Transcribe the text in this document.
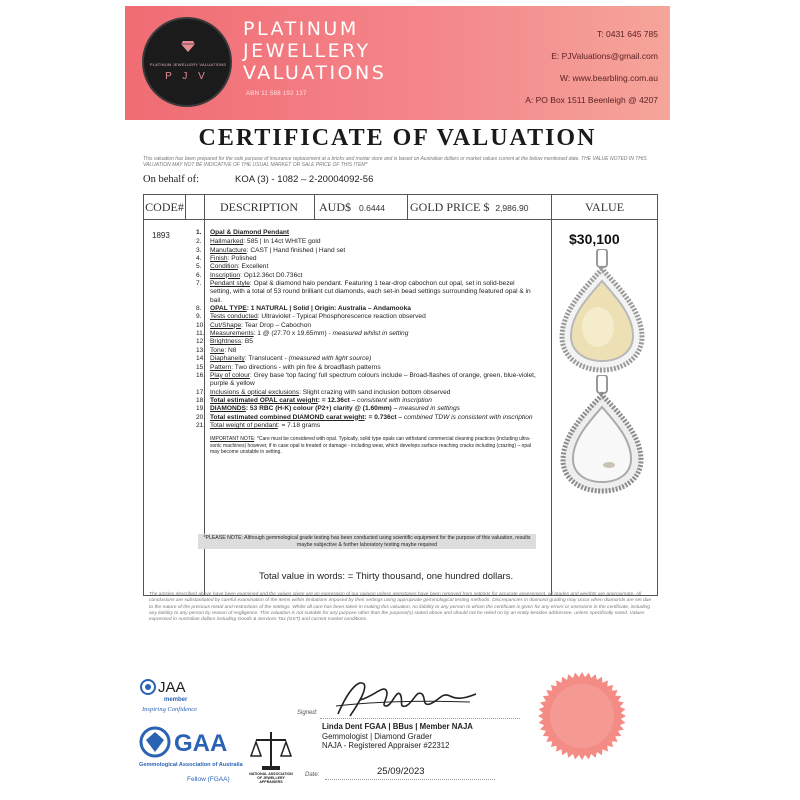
PLATINUM JEWELLERY VALUATIONS
P J V
PLATINUM
JEWELLERY
VALUATIONS
ABN 11 588 192 137
T: 0431 645 785
E: PJValuations@gmail.com
W: www.bearbling.com.au
A: PO Box 1511 Beenleigh @ 4207
CERTIFICATE OF VALUATION
This valuation has been prepared for the sole purpose of insurance replacement at a bricks and mortar store and is based on Australian dollars or market values current at the below mentioned date. THE VALUE NOTED IN THIS VALUATION MAY NOT BE INDICATIVE OF THE USUAL MARKET OR SALE PRICE OF THIS ITEM*
On behalf of:	KOA (3) - 1082 – 2-20004092-56
CODE#	DESCRIPTION	AUD$ 0.6444	GOLD PRICE $ 2,986.90	VALUE
1893	1. Opal & Diamond Pendant
2. Hallmarked: 585 | In 14ct WHITE gold
3. Manufacture: CAST | Hand finished | Hand set
4. Finish: Polished
5. Condition: Excellent
6. Inscription: Op12.36ct D0.736ct
7. Pendant style: Opal & diamond halo pendant. Featuring 1 tear-drop cabochon cut opal, set in solid-bezel setting, with a total of 53 round brilliant cut diamonds, each set-in bead settings surrounding featured opal & in bail.
8. OPAL TYPE: 1 NATURAL | Solid | Origin: Australia – Andamooka
9. Tests conducted: Ultraviolet - Typical Phosphorescence reaction observed
10. Cut/Shape: Tear Drop – Cabochon
11. Measurements: 1 @ (27.70 x 19.65mm) - measured whilst in setting
12. Brightness: B5
13. Tone: N8
14. Diaphaneity: Translucent - (measured with light source)
15. Pattern: Two directions - with pin fire & broadflash patterns
16. Play of colour: Grey base 'top facing' full spectrum colours include – Broad-flashes of orange, green, blue-violet, purple & yellow
17. Inclusions & optical exclusions: Slight crazing with sand inclusion bottom observed
18. Total estimated OPAL carat weight: = 12.36ct – consistent with inscription
19. DIAMONDS: 53 RBC (H-K) colour (P2+) clarity @ (1.60mm) – measured in settings
20. Total estimated combined DIAMOND carat weight: = 0.736ct – combined TDW is consistent with inscription
21. Total weight of pendant: = 7.18 grams
IMPORTANT NOTE: *Care must be considered with opal. Typically, solid type opals can withstand commercial cleaning practices (including ultra-sonic machines) however, if in case opal is treated or damage - including wear, which develops surface reaching cracks including (crazing) – opal may become unstable in setting.
*PLEASE NOTE: Although gemmological grade testing has been conducted using scientific equipment for the purpose of this valuation, results maybe subjective & further laboratory testing maybe required
$30,100
Total value in words: = Thirty thousand, one hundred dollars.
The articles described above have been examined and the values given are an expression of our opinion unless gemstones have been removed from settings for accurate assessment, all grades and weights are approximate. All conclusions are substantiated by careful examination of the items within limitations imposed by their settings using appropriate gemmological testing methods. Discrepancies in diamond grading may occur when diamonds are set due to the nature of the precious metal and restrictions of the settings. Whilst all care has been taken in making this valuation, no liability to any person to whom the certificate is given for any errors or omissions in the certificate, including any liability to any person by reason of negligence. This valuation is not suitable for any purpose other than the purpose(s) stated above and should not be relied on by an entity besides addressee, unless specifically noted. Values expressed in Australian dollars including Goods & Services Tax (GST) and current market conditions.
JAA
member
Inspiring Confidence
GAA
Gemmological Association of Australia
Fellow (FGAA)
NATIONAL ASSOCIATION OF JEWELLERY APPRAISERS
Signed:
Linda Dent FGAA | BBus | Member NAJA
Gemmologist | Diamond Grader
NAJA - Registered Appraiser #22312
Date:	25/09/2023
